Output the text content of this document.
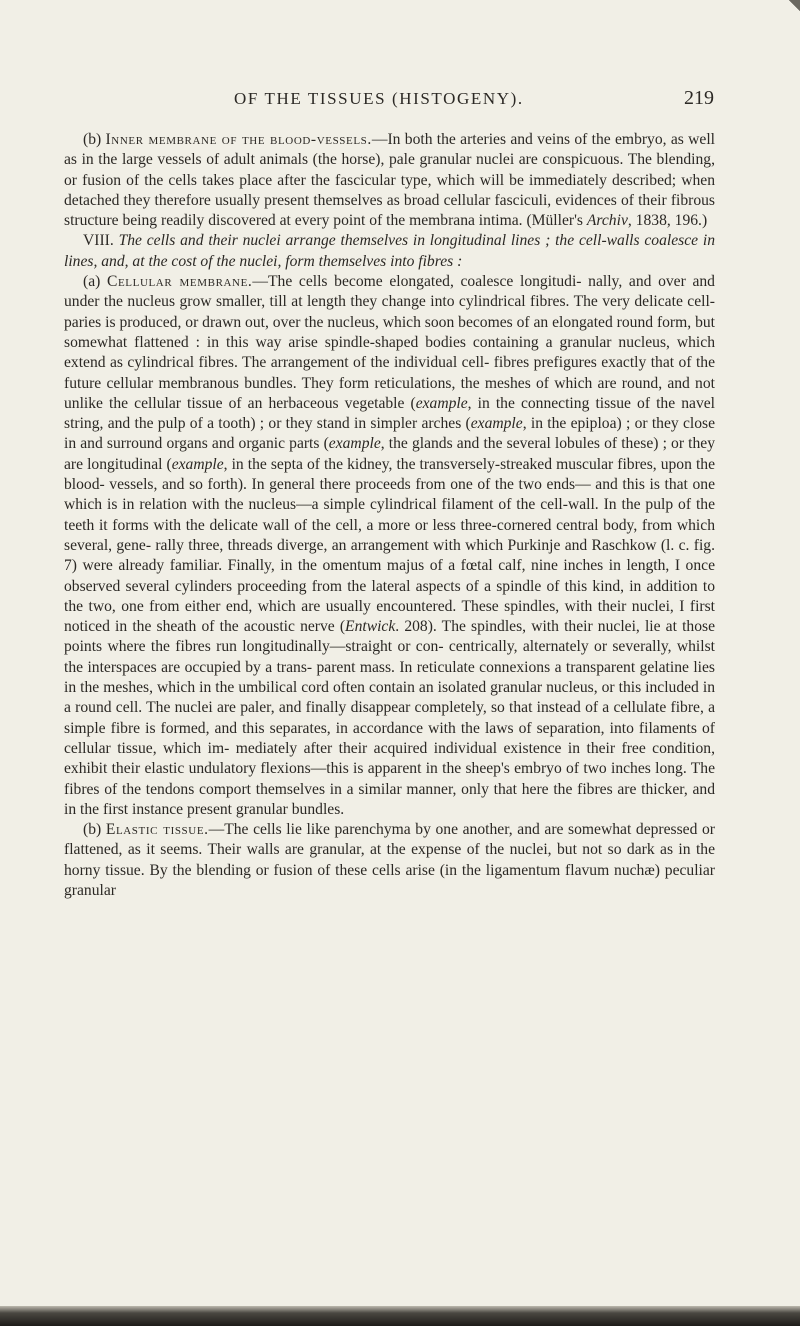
OF THE TISSUES (HISTOGENY).	219

(b) Inner membrane of the blood-vessels.—In both the arteries and veins of the embryo, as well as in the large vessels of adult animals (the horse), pale granular nuclei are conspicuous. The blending, or fusion of the cells takes place after the fascicular type, which will be immediately described; when detached they therefore usually present themselves as broad cellular fasciculi, evidences of their fibrous structure being readily discovered at every point of the membrana intima. (Müller's Archiv, 1838, 196.)

VIII. The cells and their nuclei arrange themselves in longitudinal lines ; the cell-walls coalesce in lines, and, at the cost of the nuclei, form themselves into fibres :

(a) Cellular membrane.—The cells become elongated, coalesce longitudi- nally, and over and under the nucleus grow smaller, till at length they change into cylindrical fibres. The very delicate cell-paries is produced, or drawn out, over the nucleus, which soon becomes of an elongated round form, but somewhat flattened : in this way arise spindle-shaped bodies containing a granular nucleus, which extend as cylindrical fibres. The arrangement of the individual cell- fibres prefigures exactly that of the future cellular membranous bundles. They form reticulations, the meshes of which are round, and not unlike the cellular tissue of an herbaceous vegetable (example, in the connecting tissue of the navel string, and the pulp of a tooth) ; or they stand in simpler arches (example, in the epiploa) ; or they close in and surround organs and organic parts (example, the glands and the several lobules of these) ; or they are longitudinal (example, in the septa of the kidney, the transversely-streaked muscular fibres, upon the blood- vessels, and so forth). In general there proceeds from one of the two ends— and this is that one which is in relation with the nucleus—a simple cylindrical filament of the cell-wall. In the pulp of the teeth it forms with the delicate wall of the cell, a more or less three-cornered central body, from which several, gene- rally three, threads diverge, an arrangement with which Purkinje and Raschkow (l. c. fig. 7) were already familiar. Finally, in the omentum majus of a fœtal calf, nine inches in length, I once observed several cylinders proceeding from the lateral aspects of a spindle of this kind, in addition to the two, one from either end, which are usually encountered. These spindles, with their nuclei, I first noticed in the sheath of the acoustic nerve (Entwick. 208). The spindles, with their nuclei, lie at those points where the fibres run longitudinally—straight or con- centrically, alternately or severally, whilst the interspaces are occupied by a trans- parent mass. In reticulate connexions a transparent gelatine lies in the meshes, which in the umbilical cord often contain an isolated granular nucleus, or this included in a round cell. The nuclei are paler, and finally disappear completely, so that instead of a cellulate fibre, a simple fibre is formed, and this separates, in accordance with the laws of separation, into filaments of cellular tissue, which im- mediately after their acquired individual existence in their free condition, exhibit their elastic undulatory flexions—this is apparent in the sheep's embryo of two inches long. The fibres of the tendons comport themselves in a similar manner, only that here the fibres are thicker, and in the first instance present granular bundles.

(b) Elastic tissue.—The cells lie like parenchyma by one another, and are somewhat depressed or flattened, as it seems. Their walls are granular, at the expense of the nuclei, but not so dark as in the horny tissue. By the blending or fusion of these cells arise (in the ligamentum flavum nuchæ) peculiar granular
